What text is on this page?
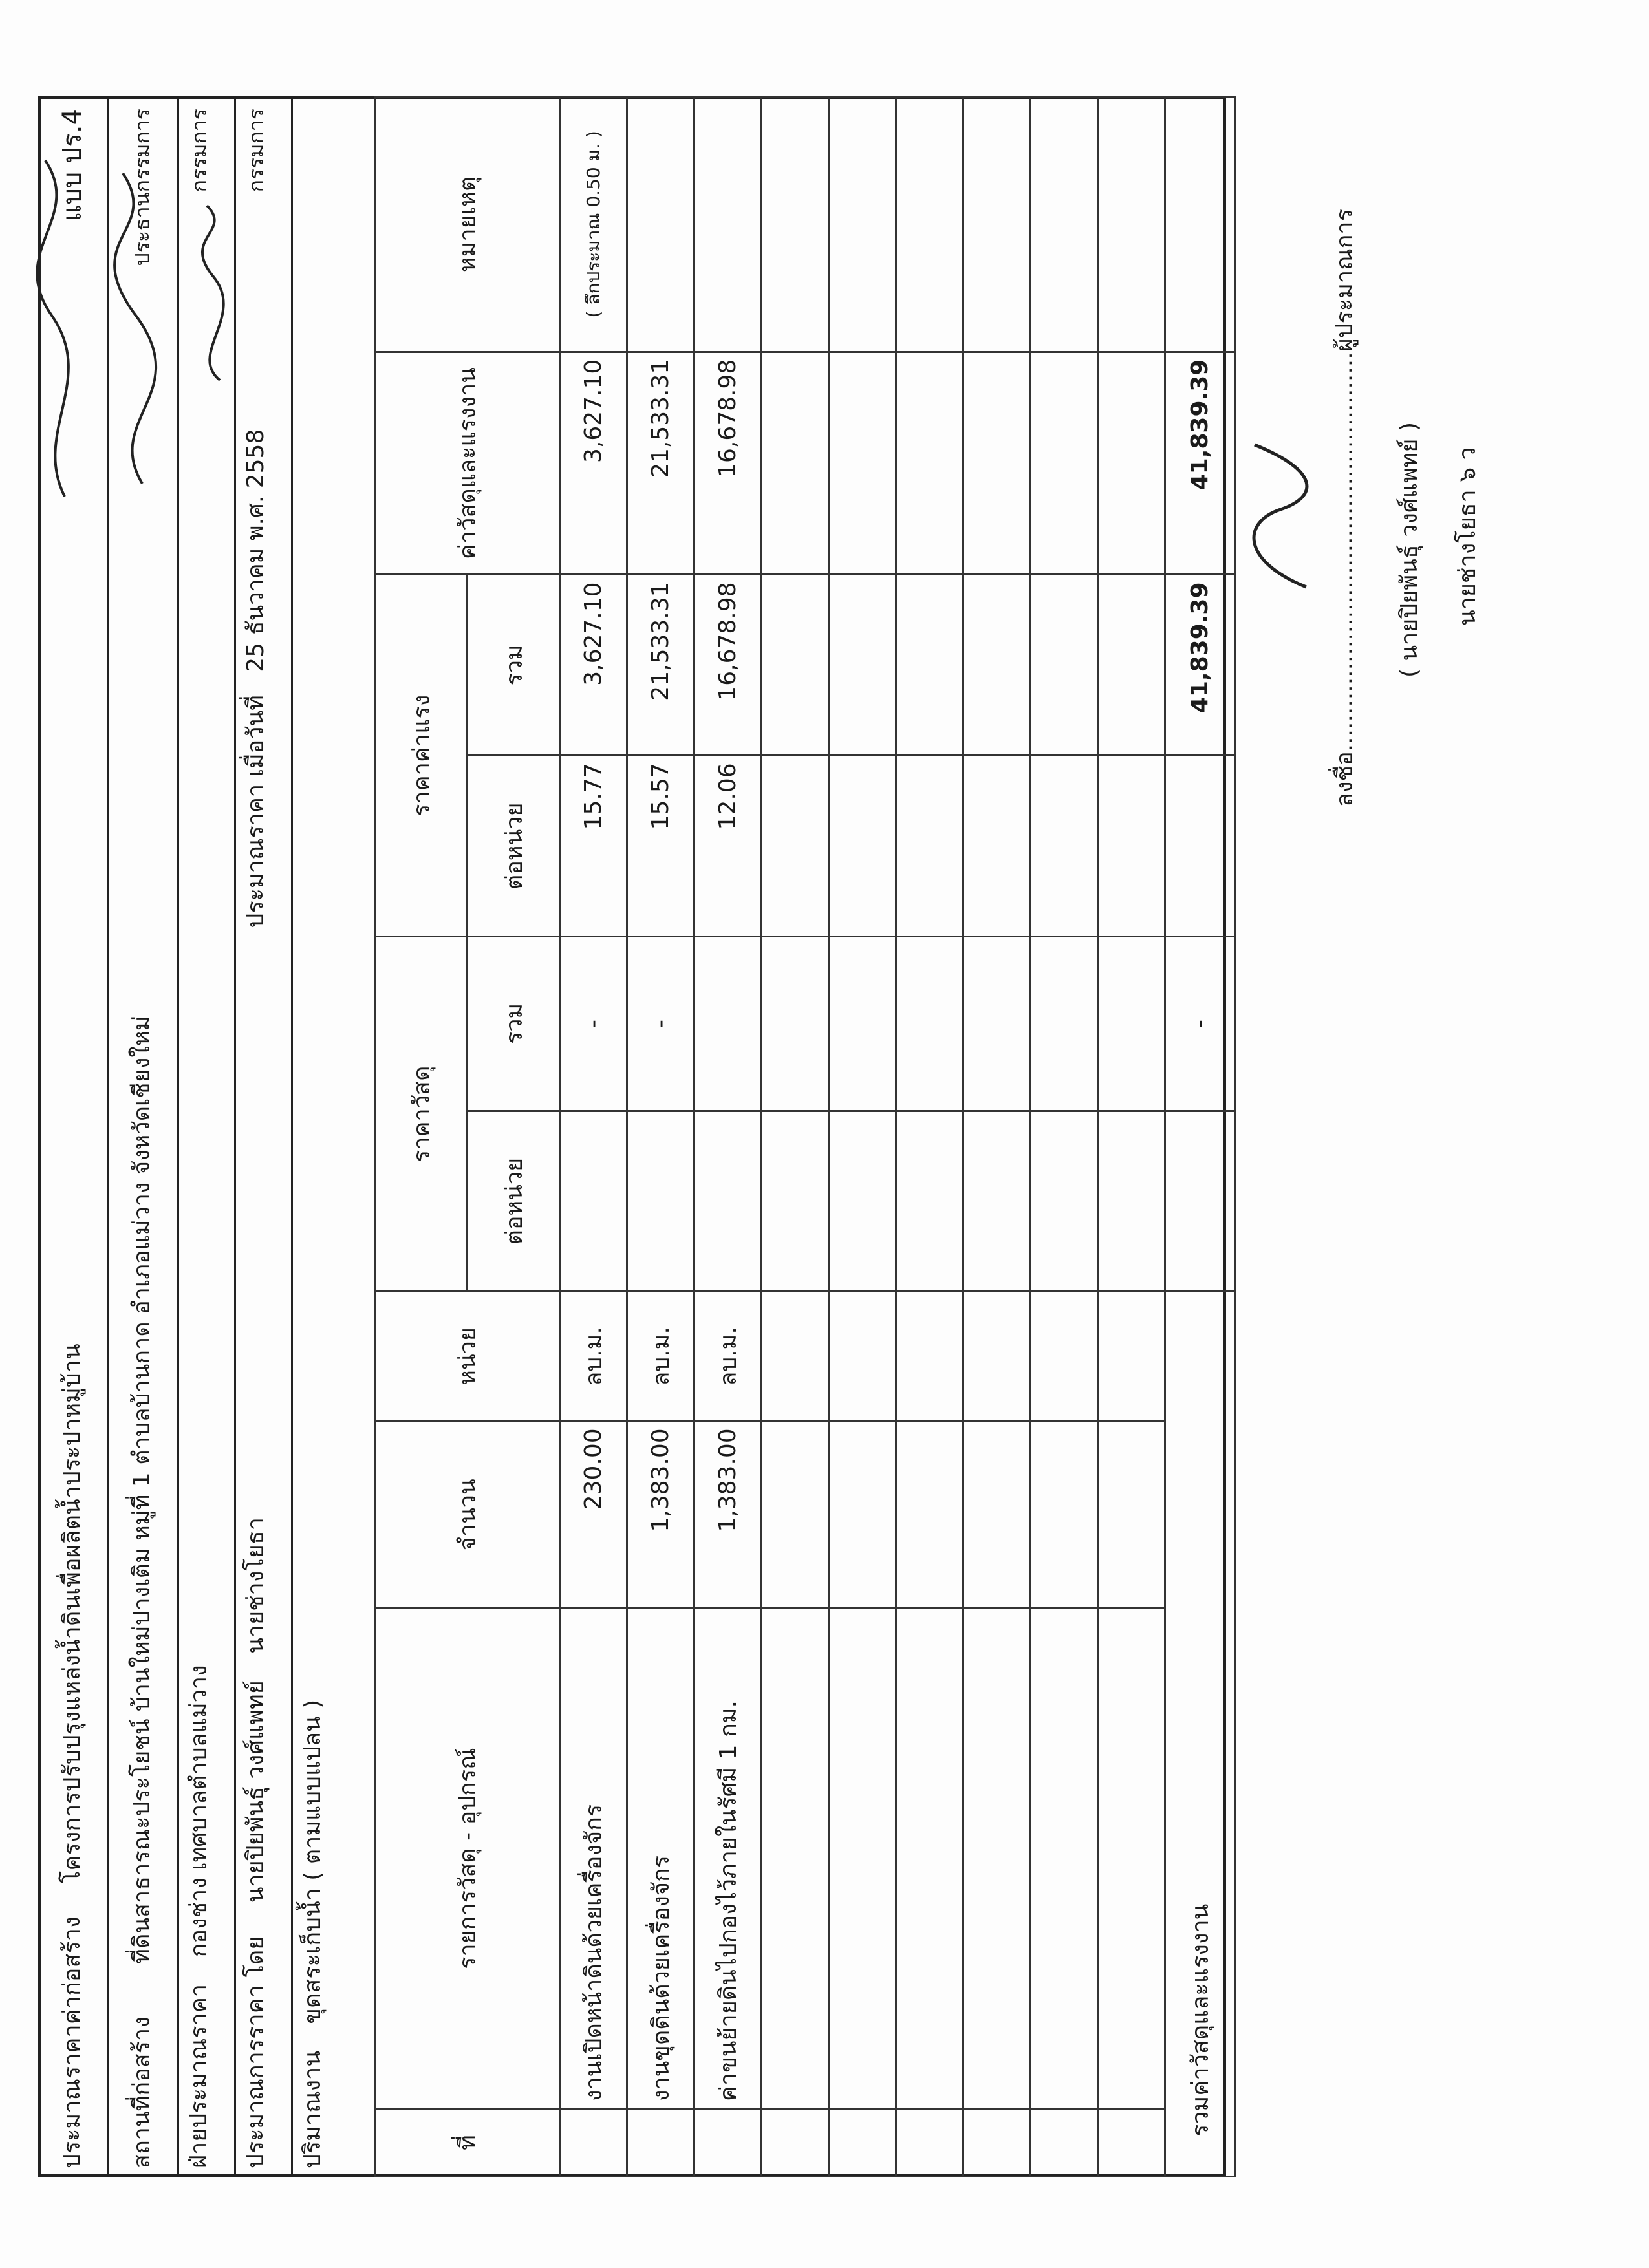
ประมาณราคาค่าก่อสร้าง โครงการปรับปรุงแหล่งน้ำดินเพื่อผลิตน้ำประปาหมู่บ้าน
แบบ ปร.4
สถานที่ก่อสร้าง ที่ดินสาธารณะประโยชน์ บ้านใหม่ปางเติม หมู่ที่ 1 ตำบลบ้านกาด อำเภอแม่วาง จังหวัดเชียงใหม่
ประธานกรรมการ
ฝ่ายประมาณราคา กองช่าง เทศบาลตำบลแม่วาง
กรรมการ
ประมาณการราคา โดย นายปิยพันธุ์ วงศ์แพทย์ นายช่างโยธา ประมาณราคา เมื่อวันที่ 25 ธันวาคม พ.ศ. 2558
กรรมการ
ปริมาณงาน ขุดสระเก็บน้ำ ( ตามแบบแปลน )
ที่	รายการวัสดุ - อุปกรณ์	จำนวน	หน่วย	ราคาวัสดุ		ราคาค่าแรง		ค่าวัสดุและแรงงาน	หมายเหตุ
				ต่อหน่วย	รวม	ต่อหน่วย	รวม		
	งานเปิดหน้าดินด้วยเครื่องจักร	230.00	ลบ.ม.		-	15.77	3,627.10	3,627.10	( ลึกประมาณ 0.50 ม. )
	งานขุดดินด้วยเครื่องจักร	1,383.00	ลบ.ม.		-	15.57	21,533.31	21,533.31	
	ค่าขนย้ายดินไปกองไว้ภายในรัศมี 1 กม.	1,383.00	ลบ.ม.			12.06	16,678.98	16,678.98	

รวมค่าวัสดุและแรงงาน					-		41,839.39	41,839.39	
ลงชื่อ......................................................ผู้ประมาณการ
( นายปิยพันธุ์ วงศ์แพทย์ ) นายช่างโยธา ๖ ว
